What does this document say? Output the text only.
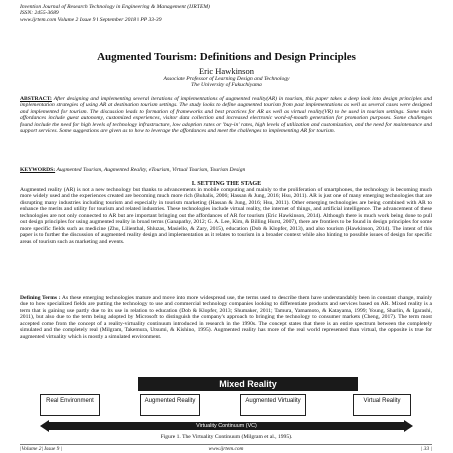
Invention Journal of Research Technology in Engineering & Management (IJRTEM)
ISSN: 2455-3689
www.ijrtem.com Volume 2 Issue 9 ǁ September 2018 ǁ PP 33-39
Augmented Tourism: Definitions and Design Principles
Eric Hawkinson
Associate Professor of Learning Design and Technology
The University of Fukuchiyama
ABSTRACT: After designing and implementing several iterations of implementations of augmented reality(AR) in tourism, this paper takes a deep look into design principles and implementation strategies of using AR at destination tourism settings. The study looks to define augmented tourism from past implementations as well as several cases were designed and implemented for tourism. The discussion leads to formation of frameworks and best practices for AR as well as virtual reality(VR) to be used in tourism settings. Some main affordances include guest autonomy, customized experiences, visitor data collection and increased electronic word-of-mouth generation for promotion purposes. Some challenges found include the need for high levels of technology infrastructure, low adoption rates or 'buy-in' rates, high levels of utilization and customization, and the need for maintenance and support services. Some suggestions are given as to how to leverage the affordances and meet the challenges to implementing AR for tourism.
KEYWORDS: Augmented Tourism, Augmented Reality, eTourism, Virtual Tourism, Tourism Design
I. SETTING THE STAGE
Augmented reality (AR) is not a new technology but thanks to advancements in mobile computing and mainly to the proliferation of smartphones, the technology is becoming much more widely used and the experiences created are becoming much more rich (Buhalis, 2006; Hassan & Jung, 2016; Hsu, 2011). AR is just one of many emerging technologies that are disrupting many industries including tourism and especially in tourism marketing (Hassan & Jung, 2016; Hsu, 2011). Other emerging technologies are being combined with AR to enhance the merits and utility for tourism and related industries. These technologies include virtual reality, the internet of things, and artificial intelligence. The advancement of these technologies are not only connected to AR but are important bringing out the affordances of AR for tourism (Eric Hawkinson, 2014). Although there is much work being done to pull out design principles for using augmented reality in broad terms (Ganapathy, 2012; G. A. Lee, Kim, & Billing Hurst, 2007), there are frontiers to be found in design principles for some more specific fields such as medicine (Zhu, Lilienthal, Shluzas, Masiello, & Zary, 2015), education (Dob & Klopfer, 2013), and also tourism (Hawkinson, 2014). The intent of this paper is to further the discussion of augmented reality design and implementation as it relates to tourism in a broader context while also hinting to possible issues of design for specific areas of tourism such as marketing and events.
Defining Terms : As these emerging technologies mature and move into more widespread use, the terms used to describe them have understandably been in constant change, mainly due to how specialized fields are putting the technology to use and commercial technology companies looking to differentiate products and services based on AR. Mixed reality is a term that is gaining use partly due to its use in relation to education (Dob & Klopfer, 2013; Shumaker, 2011; Tamura, Yamamoto, & Katayama, 1999; Young, Sharlin, & Igarashi, 2011), but also due to the term being adopted by Microsoft to distinguish the company's approach to bringing the technology to consumer markets (Cheng, 2017). The term most accepted come from the concept of a reality-virtuality continuum introduced in research in the 1990s. The concept states that there is an entire spectrum between the completely simulated and the completely real (Milgram, Takemura, Utsumi, & Kishino, 1995). Augmented reality has more of the real world represented than virtual, the opposite is true for augmented virtuality which is mostly a simulated environment.
Mixed Reality
Real Environment	Augmented Reality	Augmented Virtuality	Virtual Reality
Virtuality Continuum (VC)
Figure 1. The Virtuality Continuum (Milgram et al., 1995).
|Volume 2| Issue 9 |	www.ijrtem.com	| 33 |
